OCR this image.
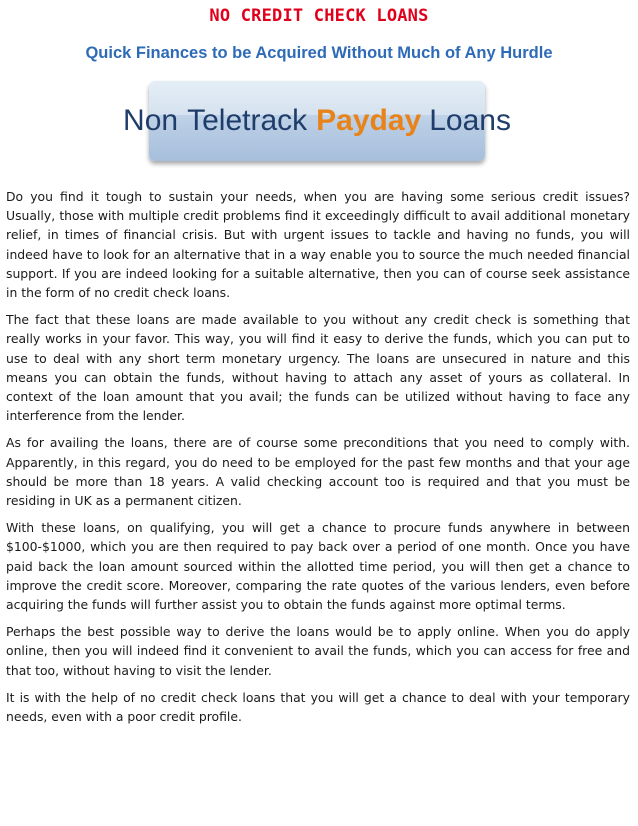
NO CREDIT CHECK LOANS
Quick Finances to be Acquired Without Much of Any Hurdle
Non Teletrack Payday Loans

Do you find it tough to sustain your needs, when you are having some serious credit issues? Usually, those with multiple credit problems find it exceedingly difficult to avail additional monetary relief, in times of financial crisis. But with urgent issues to tackle and having no funds, you will indeed have to look for an alternative that in a way enable you to source the much needed financial support. If you are indeed looking for a suitable alternative, then you can of course seek assistance in the form of no credit check loans.

The fact that these loans are made available to you without any credit check is something that really works in your favor. This way, you will find it easy to derive the funds, which you can put to use to deal with any short term monetary urgency. The loans are unsecured in nature and this means you can obtain the funds, without having to attach any asset of yours as collateral. In context of the loan amount that you avail; the funds can be utilized without having to face any interference from the lender.

As for availing the loans, there are of course some preconditions that you need to comply with. Apparently, in this regard, you do need to be employed for the past few months and that your age should be more than 18 years. A valid checking account too is required and that you must be residing in UK as a permanent citizen.

With these loans, on qualifying, you will get a chance to procure funds anywhere in between $100-$1000, which you are then required to pay back over a period of one month. Once you have paid back the loan amount sourced within the allotted time period, you will then get a chance to improve the credit score. Moreover, comparing the rate quotes of the various lenders, even before acquiring the funds will further assist you to obtain the funds against more optimal terms.

Perhaps the best possible way to derive the loans would be to apply online. When you do apply online, then you will indeed find it convenient to avail the funds, which you can access for free and that too, without having to visit the lender.

It is with the help of no credit check loans that you will get a chance to deal with your temporary needs, even with a poor credit profile.
